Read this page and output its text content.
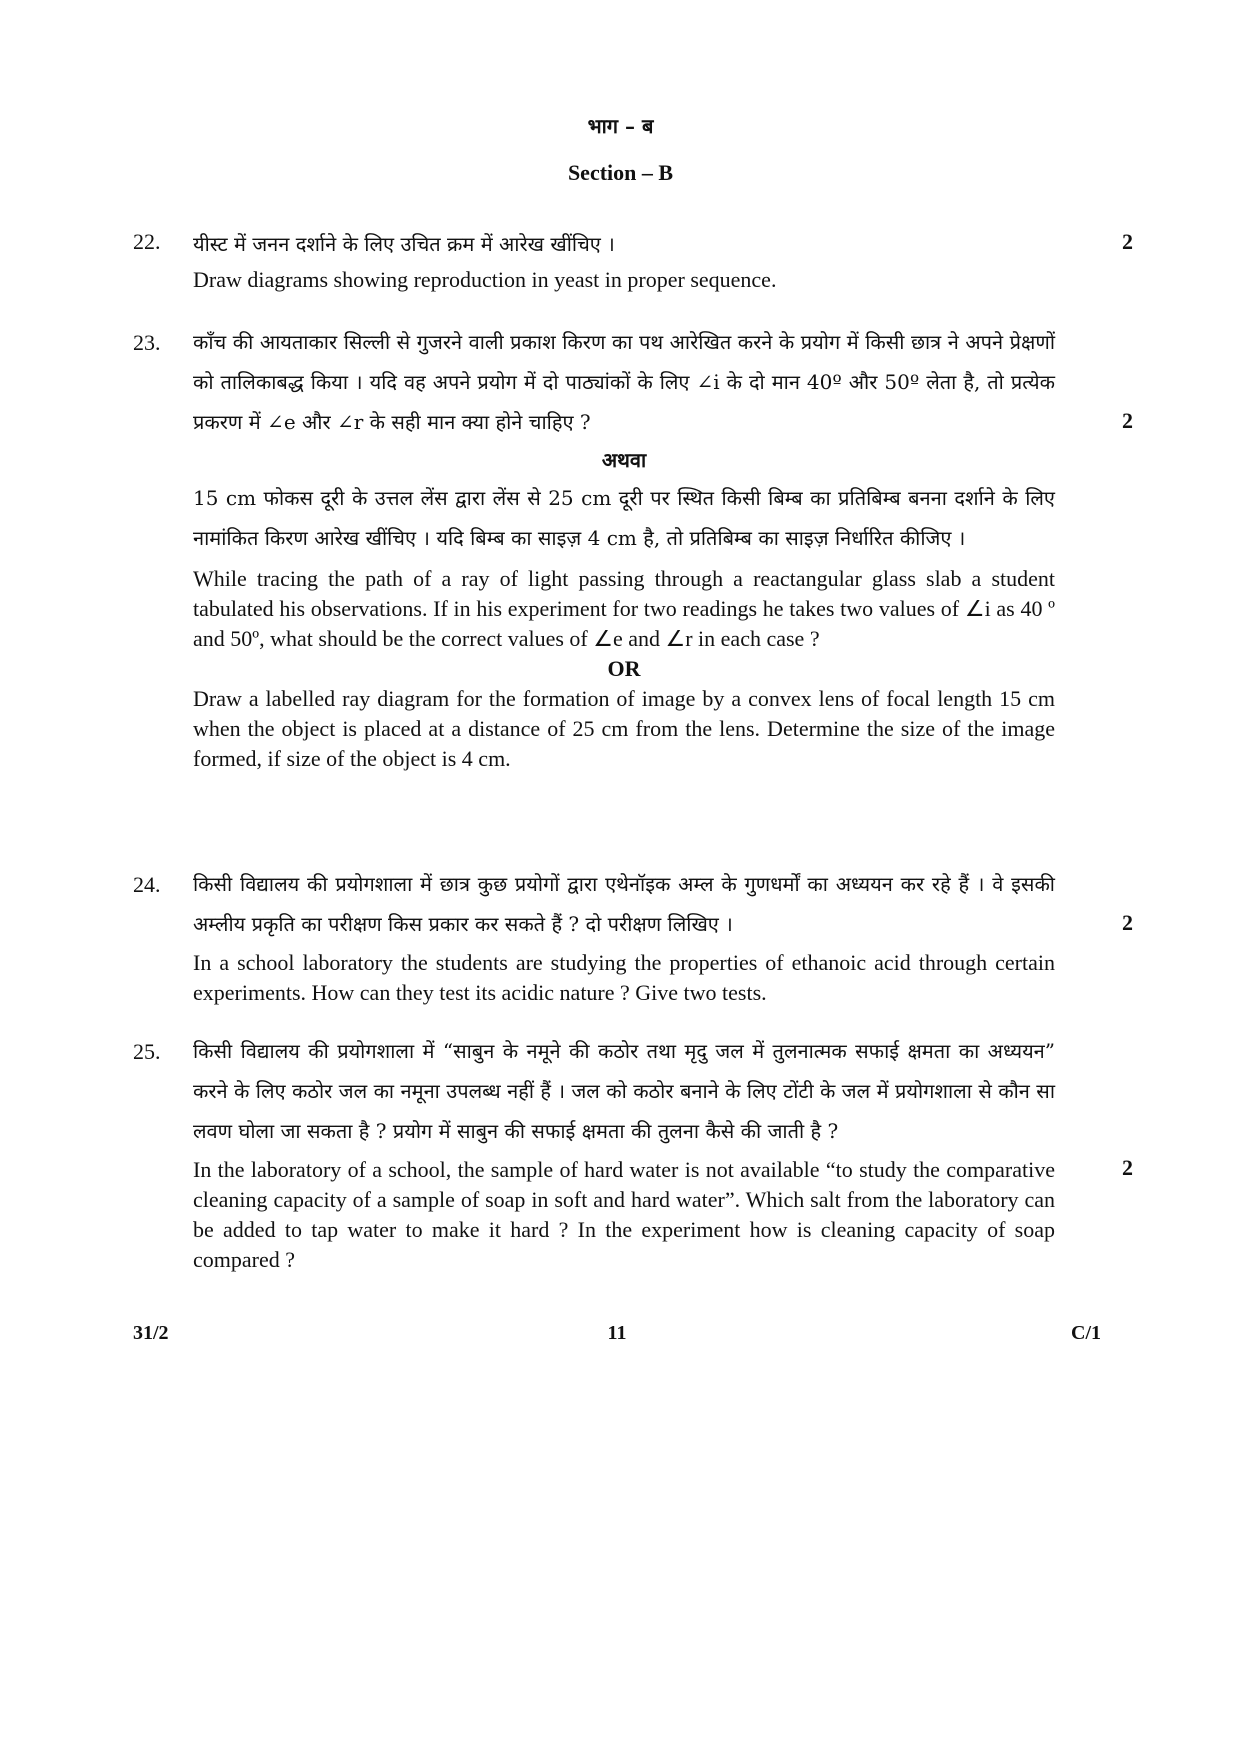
भाग – ब
Section – B
22.	2

यीस्ट में जनन दर्शाने के लिए उचित क्रम में आरेख खींचिए ।

Draw diagrams showing reproduction in yeast in proper sequence.

23.
2

काँच की आयताकार सिल्ली से गुजरने वाली प्रकाश किरण का पथ आरेखित करने के प्रयोग में किसी छात्र ने अपने प्रेक्षणों को तालिकाबद्ध किया । यदि वह अपने प्रयोग में दो पाठ्यांकों के लिए ∠i के दो मान 40º और 50º लेता है, तो प्रत्येक प्रकरण में ∠e और ∠r के सही मान क्या होने चाहिए ?

अथवा

15 cm फोकस दूरी के उत्तल लेंस द्वारा लेंस से 25 cm दूरी पर स्थित किसी बिम्ब का प्रतिबिम्ब बनना दर्शाने के लिए नामांकित किरण आरेख खींचिए । यदि बिम्ब का साइज़ 4 cm है, तो प्रतिबिम्ब का साइज़ निर्धारित कीजिए ।

While tracing the path of a ray of light passing through a reactangular glass slab a student tabulated his observations. If in his experiment for two readings he takes two values of ∠i as 40 º and 50º, what should be the correct values of ∠e and ∠r in each case ?

OR

Draw a labelled ray diagram for the formation of image by a convex lens of focal length 15 cm when the object is placed at a distance of 25 cm from the lens. Determine the size of the image formed, if size of the object is 4 cm.

24.
2

किसी विद्यालय की प्रयोगशाला में छात्र कुछ प्रयोगों द्वारा एथेनॉइक अम्ल के गुणधर्मों का अध्ययन कर रहे हैं । वे इसकी अम्लीय प्रकृति का परीक्षण किस प्रकार कर सकते हैं ? दो परीक्षण लिखिए ।

In a school laboratory the students are studying the properties of ethanoic acid through certain experiments. How can they test its acidic nature ? Give two tests.

25.
2

किसी विद्यालय की प्रयोगशाला में “साबुन के नमूने की कठोर तथा मृदु जल में तुलनात्मक सफाई क्षमता का अध्ययन” करने के लिए कठोर जल का नमूना उपलब्ध नहीं हैं । जल को कठोर बनाने के लिए टोंटी के जल में प्रयोगशाला से कौन सा लवण घोला जा सकता है ? प्रयोग में साबुन की सफाई क्षमता की तुलना कैसे की जाती है ?

In the laboratory of a school, the sample of hard water is not available “to study the comparative cleaning capacity of a sample of soap in soft and hard water”. Which salt from the laboratory can be added to tap water to make it hard ? In the experiment how is cleaning capacity of soap compared ?

31/2	11	C/1
